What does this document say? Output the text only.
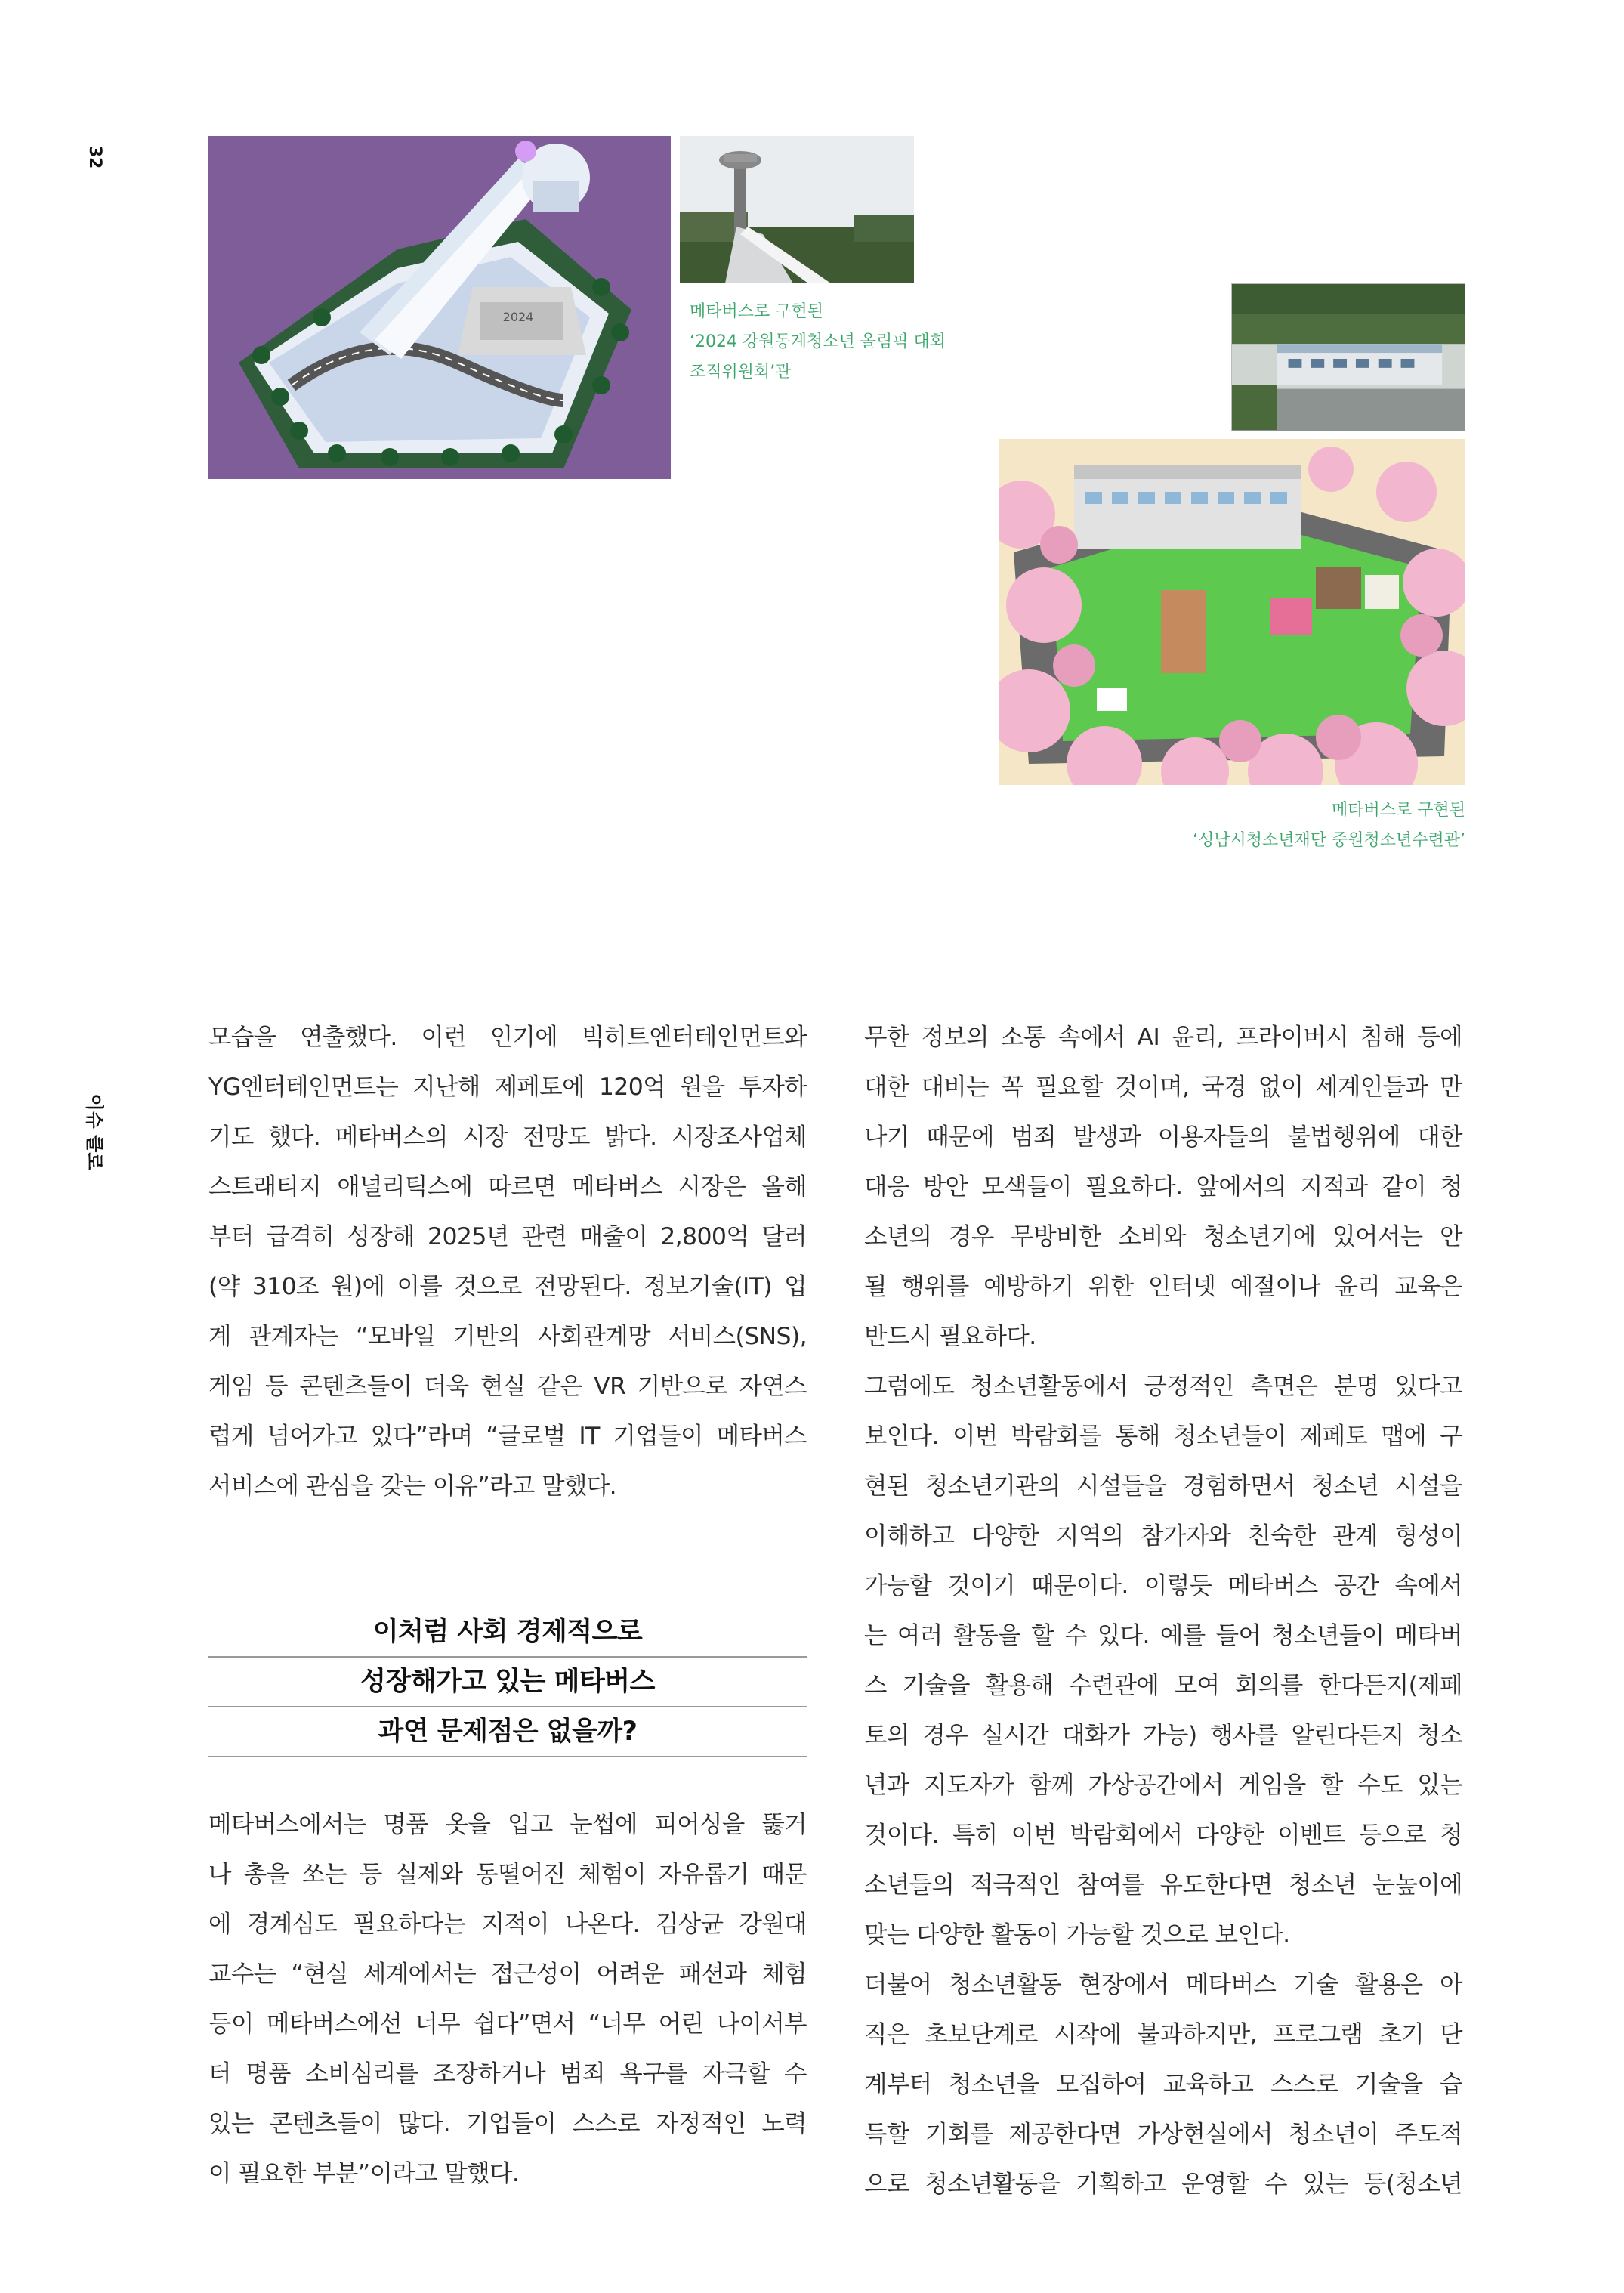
32
이슈 클로
2024	메타버스로 구현된
‘2024 강원동계청소년 올림픽 대회
조직위원회’관
메타버스로 구현된
‘성남시청소년재단 중원청소년수련관’

모습을 연출했다. 이런 인기에 빅히트엔터테인먼트와

YG엔터테인먼트는 지난해 제페토에 120억 원을 투자하

기도 했다. 메타버스의 시장 전망도 밝다. 시장조사업체

스트래티지 애널리틱스에 따르면 메타버스 시장은 올해

부터 급격히 성장해 2025년 관련 매출이 2,800억 달러

(약 310조 원)에 이를 것으로 전망된다. 정보기술(IT) 업

계 관계자는 “모바일 기반의 사회관계망 서비스(SNS),

게임 등 콘텐츠들이 더욱 현실 같은 VR 기반으로 자연스

럽게 넘어가고 있다”라며 “글로벌 IT 기업들이 메타버스

서비스에 관심을 갖는 이유”라고 말했다.

이처럼 사회 경제적으로
성장해가고 있는 메타버스
과연 문제점은 없을까?

메타버스에서는 명품 옷을 입고 눈썹에 피어싱을 뚫거

나 총을 쏘는 등 실제와 동떨어진 체험이 자유롭기 때문

에 경계심도 필요하다는 지적이 나온다. 김상균 강원대

교수는 “현실 세계에서는 접근성이 어려운 패션과 체험

등이 메타버스에선 너무 쉽다”면서 “너무 어린 나이서부

터 명품 소비심리를 조장하거나 범죄 욕구를 자극할 수

있는 콘텐츠들이 많다. 기업들이 스스로 자정적인 노력

이 필요한 부분”이라고 말했다.

무한 정보의 소통 속에서 AI 윤리, 프라이버시 침해 등에

대한 대비는 꼭 필요할 것이며, 국경 없이 세계인들과 만

나기 때문에 범죄 발생과 이용자들의 불법행위에 대한

대응 방안 모색들이 필요하다. 앞에서의 지적과 같이 청

소년의 경우 무방비한 소비와 청소년기에 있어서는 안

될 행위를 예방하기 위한 인터넷 예절이나 윤리 교육은

반드시 필요하다.

그럼에도 청소년활동에서 긍정적인 측면은 분명 있다고

보인다. 이번 박람회를 통해 청소년들이 제페토 맵에 구

현된 청소년기관의 시설들을 경험하면서 청소년 시설을

이해하고 다양한 지역의 참가자와 친숙한 관계 형성이

가능할 것이기 때문이다. 이렇듯 메타버스 공간 속에서

는 여러 활동을 할 수 있다. 예를 들어 청소년들이 메타버

스 기술을 활용해 수련관에 모여 회의를 한다든지(제페

토의 경우 실시간 대화가 가능) 행사를 알린다든지 청소

년과 지도자가 함께 가상공간에서 게임을 할 수도 있는

것이다. 특히 이번 박람회에서 다양한 이벤트 등으로 청

소년들의 적극적인 참여를 유도한다면 청소년 눈높이에

맞는 다양한 활동이 가능할 것으로 보인다.

더불어 청소년활동 현장에서 메타버스 기술 활용은 아

직은 초보단계로 시작에 불과하지만, 프로그램 초기 단

계부터 청소년을 모집하여 교육하고 스스로 기술을 습

득할 기회를 제공한다면 가상현실에서 청소년이 주도적

으로 청소년활동을 기획하고 운영할 수 있는 등(청소년
